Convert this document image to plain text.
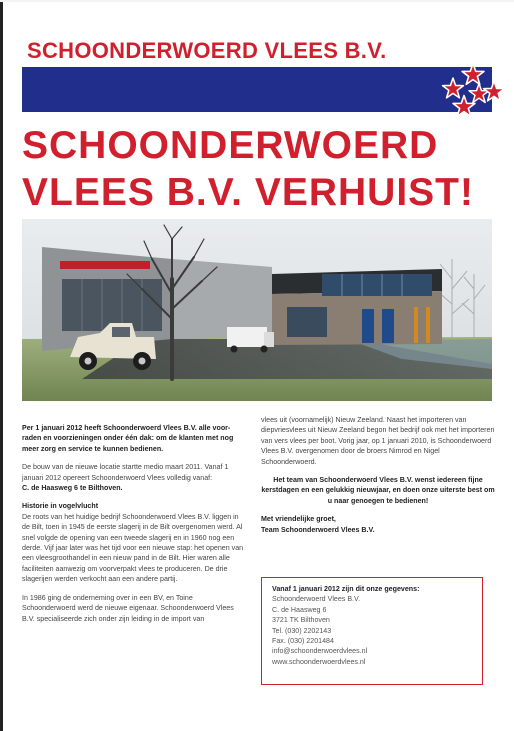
SCHOONDERWOERD VLEES B.V.
SCHOONDERWOERD
VLEES B.V. VERHUIST!

Per 1 januari 2012 heeft Schoonderwoerd Vlees B.V. alle voor-raden en voorzieningen onder één dak: om de klanten met nog meer zorg en service te kunnen bedienen.

De bouw van de nieuwe locatie startte medio maart 2011. Vanaf 1 januari 2012 opereert Schoonderwoerd Vlees volledig vanaf:
C. de Haasweg 6 te Bilthoven.

Historie in vogelvlucht
De roots van het huidige bedrijf Schoonderwoerd Vlees B.V. liggen in de Bilt, toen in 1945 de eerste slagerij in de Bilt overgenomen werd. Al snel volgde de opening van een tweede slagerij en in 1960 nog een derde. Vijf jaar later was het tijd voor een nieuwe stap: het openen van een vleesgroothandel in een nieuw pand in de Bilt. Hier waren alle faciliteiten aanwezig om voorverpakt vlees te produceren. De drie slagerijen werden verkocht aan een andere partij.

In 1986 ging de onderneming over in een BV, en Toine Schoonderwoerd werd de nieuwe eigenaar. Schoonderwoerd Vlees B.V. specialiseerde zich onder zijn leiding in de import van

vlees uit (voornamelijk) Nieuw Zeeland. Naast het importeren van diepvriesvlees uit Nieuw Zeeland begon het bedrijf ook met het importeren van vers vlees per boot. Vorig jaar, op 1 januari 2010, is Schoonderwoerd Vlees B.V. overgenomen door de broers Nimrod en Nigel Schoonderwoerd.

Het team van Schoonderwoerd Vlees B.V. wenst iedereen fijne kerstdagen en een gelukkig nieuwjaar, en doen onze uiterste best om u naar genoegen te bedienen!

Met vriendelijke groet,
Team Schoonderwoerd Vlees B.V.

Vanaf 1 januari 2012 zijn dit onze gegevens:
Schoonderwoerd Vlees B.V.
C. de Haasweg 6
3721 TK Bilthoven
Tel. (030) 2202143
Fax. (030) 2201484
info@schoonderwoerdvlees.nl
www.schoonderwoerdvlees.nl
